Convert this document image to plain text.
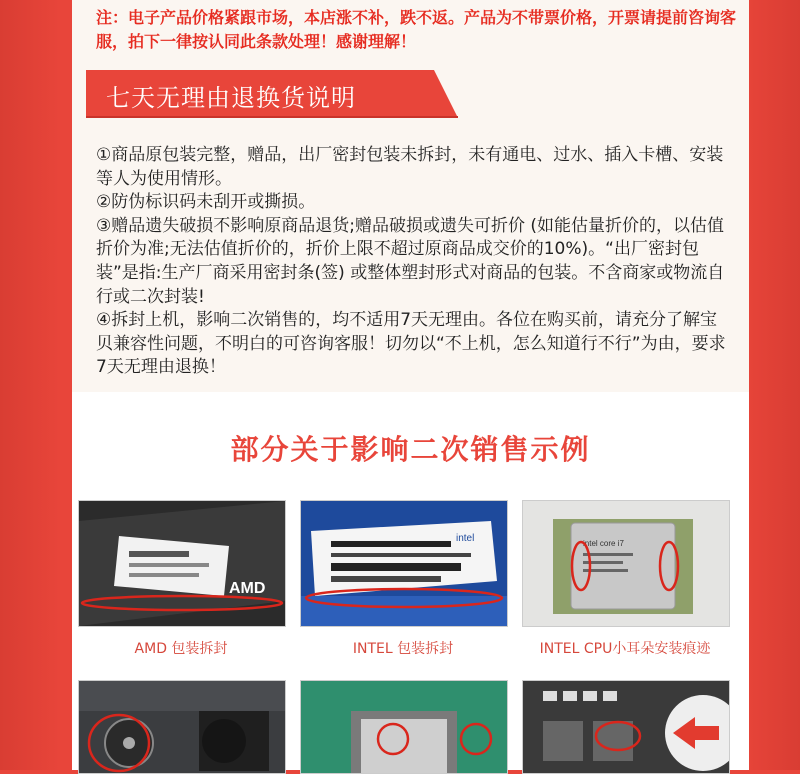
注：电子产品价格紧跟市场，本店涨不补，跌不返。产品为不带票价格，开票请提前咨询客服，拍下一律按认同此条款处理！感谢理解！
七天无理由退换货说明

①商品原包装完整，赠品，出厂密封包装未拆封，未有通电、过水、插入卡槽、安装等人为使用情形。

②防伪标识码未刮开或撕损。

③赠品遗失破损不影响原商品退货;赠品破损或遗失可折价 (如能估量折价的，以估值折价为准;无法估值折价的，折价上限不超过原商品成交价的10%)。“出厂密封包装”是指:生产厂商采用密封条(签) 或整体塑封形式对商品的包装。不含商家或物流自行或二次封装!

④拆封上机，影响二次销售的，均不适用7天无理由。各位在购买前，请充分了解宝贝兼容性问题，不明白的可咨询客服！切勿以“不上机，怎么知道行不行”为由，要求7天无理由退换！

部分关于影响二次销售示例
AMD
intel	intel core i7
AMD 包装拆封	INTEL 包装拆封	INTEL CPU小耳朵安装痕迹
